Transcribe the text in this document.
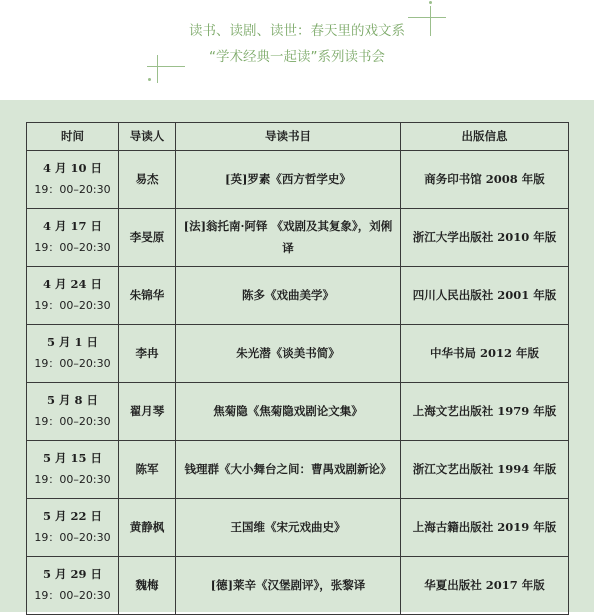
读书、读剧、读世：春天里的戏文系
“学术经典一起读”系列读书会
时间	导读人	导读书目	出版信息

4 月 10 日
19：00–20:30	易杰	[英]罗素《西方哲学史》	商务印书馆 2008 年版

4 月 17 日
19：00–20:30	李旻原	[法]翁托南·阿铎 《戏剧及其复象》，刘俐译	浙江大学出版社 2010 年版

4 月 24 日
19：00–20:30	朱锦华	陈多《戏曲美学》	四川人民出版社 2001 年版

5 月 1 日
19：00–20:30	李冉	朱光潜《谈美书简》	中华书局 2012 年版

5 月 8 日
19：00–20:30	翟月琴	焦菊隐《焦菊隐戏剧论文集》	上海文艺出版社 1979 年版

5 月 15 日
19：00–20:30	陈军	钱理群《大小舞台之间：曹禺戏剧新论》	浙江文艺出版社 1994 年版

5 月 22 日
19：00–20:30	黄静枫	王国维《宋元戏曲史》	上海古籍出版社 2019 年版

5 月 29 日
19：00–20:30	魏梅	[德]莱辛《汉堡剧评》，张黎译	华夏出版社 2017 年版
